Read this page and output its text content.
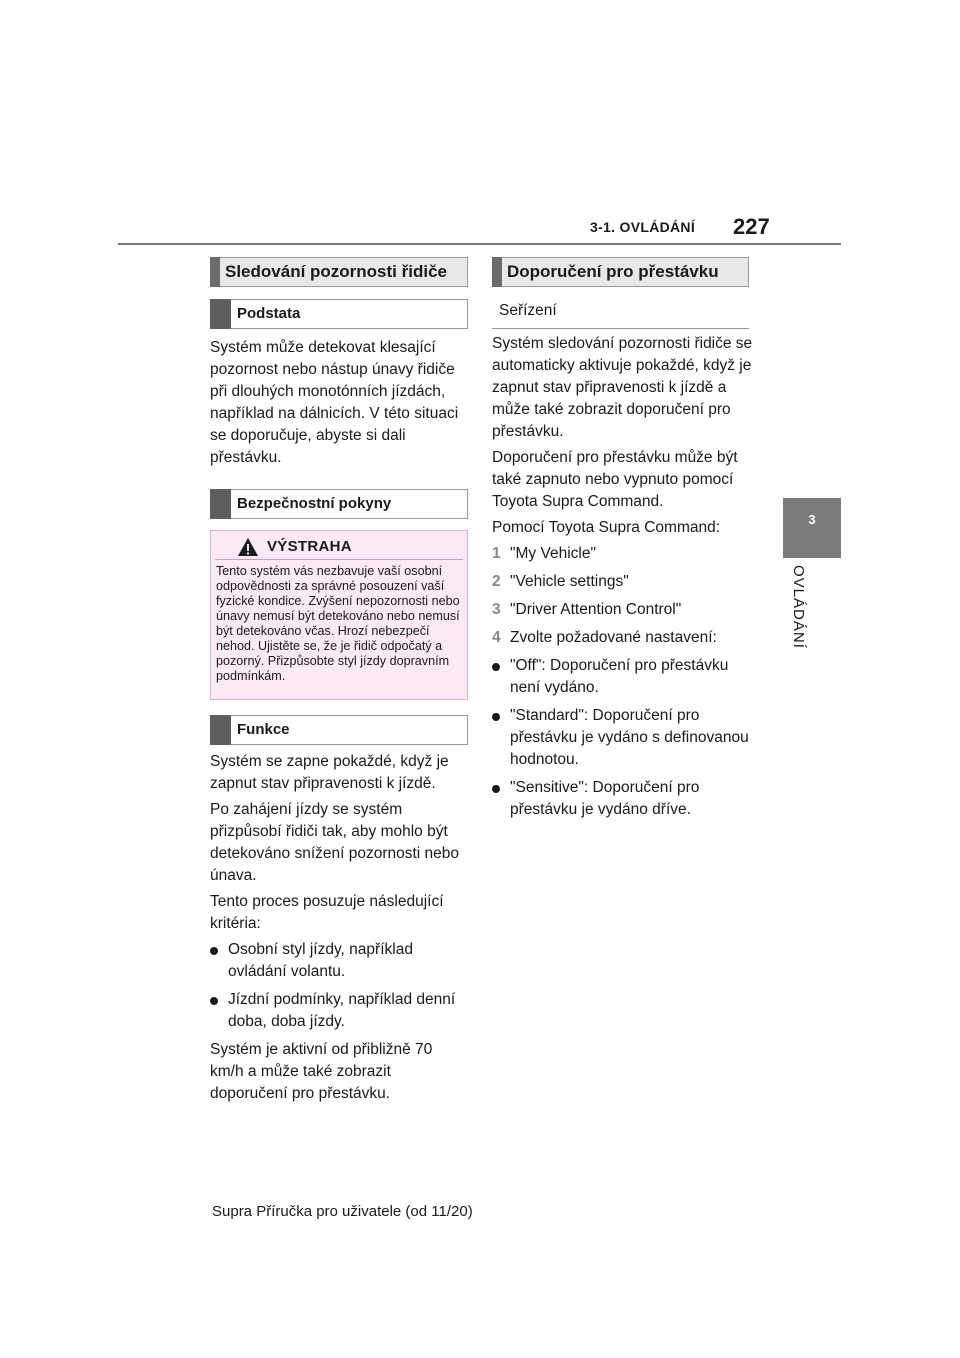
3-1. OVLÁDÁNÍ 227
3
OVLÁDÁNÍ
Sledování pozornosti řidiče
Podstata

Systém může detekovat klesající pozornost nebo nástup únavy řidiče při dlouhých monotónních jízdách, například na dálnicích. V této situaci se doporučuje, abyste si dali přestávku.

Bezpečnostní pokyny
VÝSTRAHA
Tento systém vás nezbavuje vaší osobní odpovědnosti za správné posouzení vaší fyzické kondice. Zvýšení nepozornosti nebo únavy nemusí být detekováno nebo nemusí být detekováno včas. Hrozí nebezpečí nehod. Ujistěte se, že je řidič odpočatý a pozorný. Přizpůsobte styl jízdy dopravním podmínkám.
Funkce

Systém se zapne pokaždé, když je zapnut stav připravenosti k jízdě.

Po zahájení jízdy se systém přizpůsobí řidiči tak, aby mohlo být detekováno snížení pozornosti nebo únava.

Tento proces posuzuje následující kritéria:

Osobní styl jízdy, například ovládání volantu.
Jízdní podmínky, například denní doba, doba jízdy.

Systém je aktivní od přibližně 70 km/h a může také zobrazit doporučení pro přestávku.

Doporučení pro přestávku
Seřízení

Systém sledování pozornosti řidiče se automaticky aktivuje pokaždé, když je zapnut stav připravenosti k jízdě a může také zobrazit doporučení pro přestávku.

Doporučení pro přestávku může být také zapnuto nebo vypnuto pomocí Toyota Supra Command.

Pomocí Toyota Supra Command:

1 "My Vehicle"
2 "Vehicle settings"
3 "Driver Attention Control"
4 Zvolte požadované nastavení:
"Off": Doporučení pro přestávku není vydáno.
"Standard": Doporučení pro přestávku je vydáno s definovanou hodnotou.
"Sensitive": Doporučení pro přestávku je vydáno dříve.
Supra Příručka pro uživatele (od 11/20)
